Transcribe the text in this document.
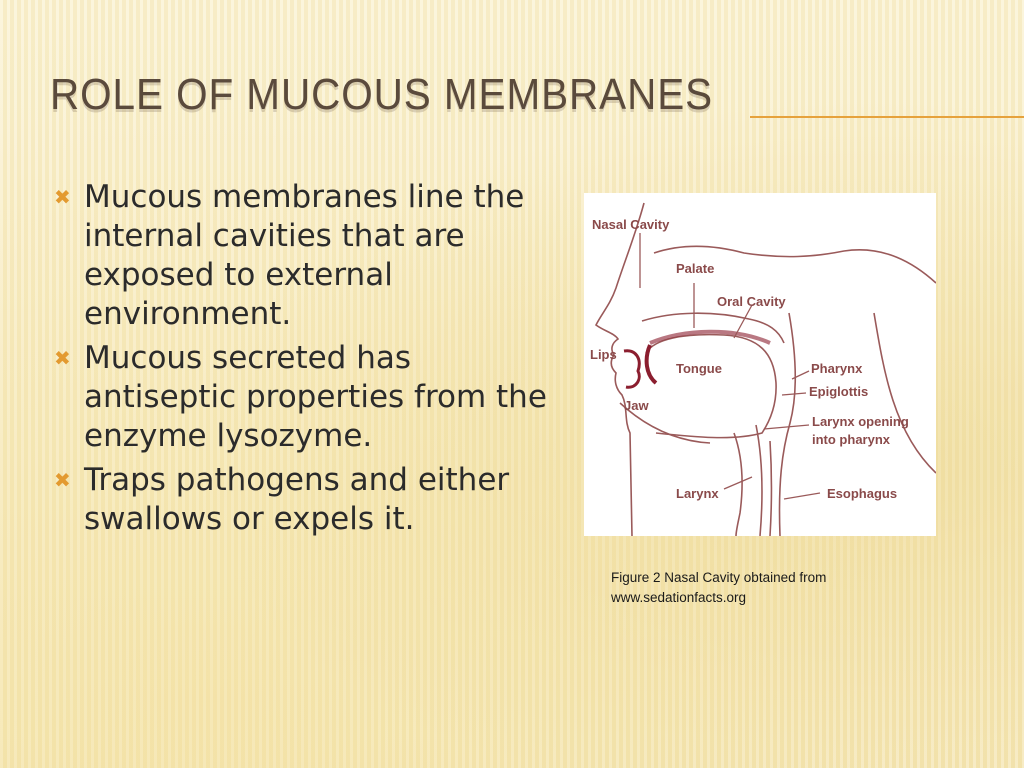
ROLE OF MUCOUS MEMBRANES
✖ Mucous membranes line the internal cavities that are exposed to external environment.
✖ Mucous secreted has antiseptic properties from the enzyme lysozyme.
✖ Traps pathogens and either swallows or expels it.
Nasal Cavity
Palate
Oral Cavity
Lips
Tongue
Jaw
Pharynx
Epiglottis
Larynx opening
into pharynx
Larynx	Esophagus
Figure 2 Nasal Cavity obtained from
www.sedationfacts.org
